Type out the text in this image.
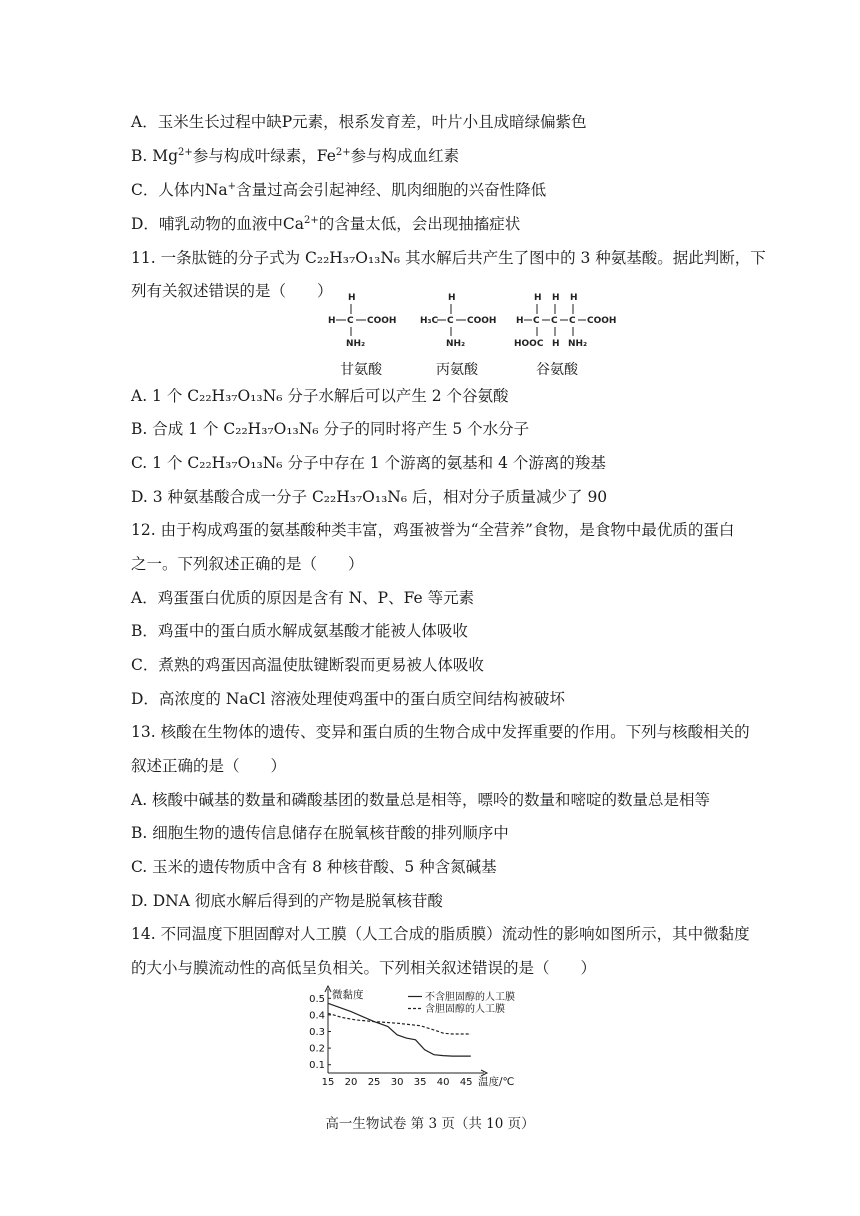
A．玉米生长过程中缺P元素，根系发育差，叶片小且成暗绿偏紫色
B. $Mg^{2+}$参与构成叶绿素，$Fe^{2+}$参与构成血红素
C．人体内Na+含量过高会引起神经、肌肉细胞的兴奋性降低
D．哺乳动物的血液中$Ca^{2+}$的含量太低，会出现抽搐症状
11. 一条肽链的分子式为 C₂₂H₃₇O₁₃N₆ 其水解后共产生了图中的 3 种氨基酸。据此判断，下
列有关叙述错误的是（　　）	H
H C COOH
NH₂
H
H₃C C COOH
NH₂
H H H
H C C C COOH
HOOC H NH₂
甘氨酸	丙氨酸	谷氨酸
A. 1 个 C₂₂H₃₇O₁₃N₆ 分子水解后可以产生 2 个谷氨酸
B. 合成 1 个 C₂₂H₃₇O₁₃N₆ 分子的同时将产生 5 个水分子
C. 1 个 C₂₂H₃₇O₁₃N₆ 分子中存在 1 个游离的氨基和 4 个游离的羧基
D. 3 种氨基酸合成一分子 C₂₂H₃₇O₁₃N₆ 后，相对分子质量减少了 90
12. 由于构成鸡蛋的氨基酸种类丰富，鸡蛋被誉为“全营养”食物，是食物中最优质的蛋白
之一。下列叙述正确的是（　　）
A．鸡蛋蛋白优质的原因是含有 N、P、Fe 等元素
B．鸡蛋中的蛋白质水解成氨基酸才能被人体吸收
C．煮熟的鸡蛋因高温使肽键断裂而更易被人体吸收
D．高浓度的 NaCl 溶液处理使鸡蛋中的蛋白质空间结构被破坏
13. 核酸在生物体的遗传、变异和蛋白质的生物合成中发挥重要的作用。下列与核酸相关的
叙述正确的是（　　）
A. 核酸中碱基的数量和磷酸基团的数量总是相等，嘌呤的数量和嘧啶的数量总是相等
B. 细胞生物的遗传信息储存在脱氧核苷酸的排列顺序中
C. 玉米的遗传物质中含有 8 种核苷酸、5 种含氮碱基
D. DNA 彻底水解后得到的产物是脱氧核苷酸
14. 不同温度下胆固醇对人工膜（人工合成的脂质膜）流动性的影响如图所示，其中微黏度
的大小与膜流动性的高低呈负相关。下列相关叙述错误的是（　　）
0.5
0.4
0.3
0.2
0.1
15 20 25 30 35 40 45
微黏度
温度/℃
不含胆固醇的人工膜
含胆固醇的人工膜
高一生物试卷 第 3 页（共 10 页）
